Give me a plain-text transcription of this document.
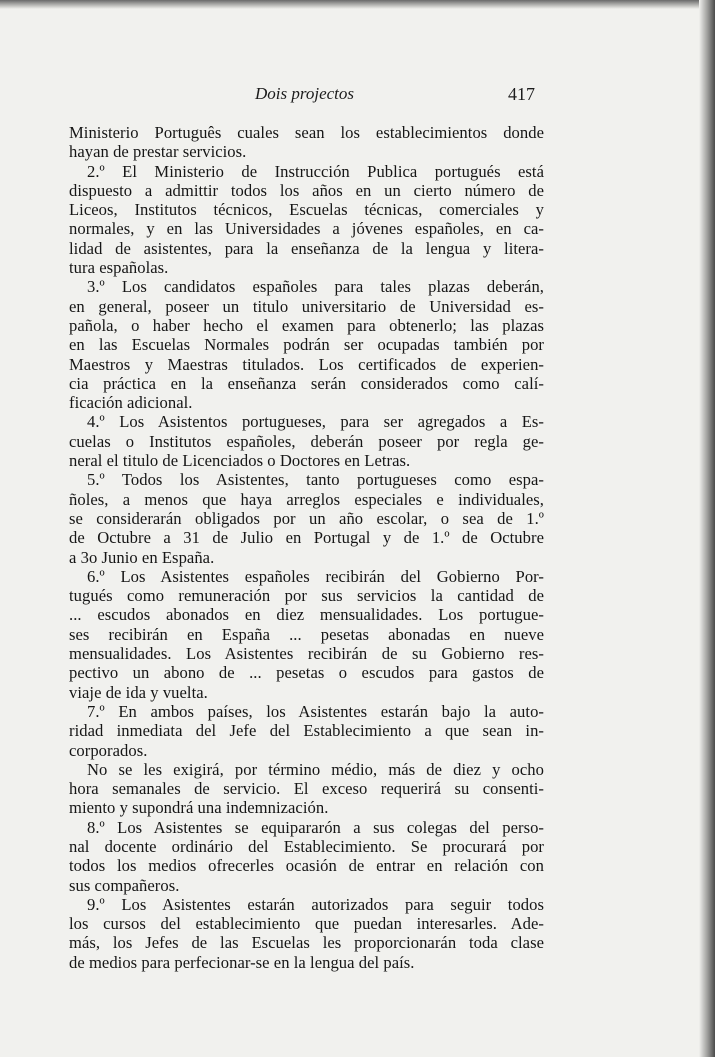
Dois projectos	417
Ministerio Português cuales sean los establecimientos donde
hayan de prestar servicios.
2.º El Ministerio de Instrucción Publica portugués está
dispuesto a admittir todos los años en un cierto número de
Liceos, Institutos técnicos, Escuelas técnicas, comerciales y
normales, y en las Universidades a jóvenes españoles, en ca-
lidad de asistentes, para la enseñanza de la lengua y litera-
tura españolas.
3.º Los candidatos españoles para tales plazas deberán,
en general, poseer un titulo universitario de Universidad es-
pañola, o haber hecho el examen para obtenerlo; las plazas
en las Escuelas Normales podrán ser ocupadas también por
Maestros y Maestras titulados. Los certificados de experien-
cia práctica en la enseñanza serán considerados como calí-
ficación adicional.
4.º Los Asistentos portugueses, para ser agregados a Es-
cuelas o Institutos españoles, deberán poseer por regla ge-
neral el titulo de Licenciados o Doctores en Letras.
5.º Todos los Asistentes, tanto portugueses como espa-
ñoles, a menos que haya arreglos especiales e individuales,
se considerarán obligados por un año escolar, o sea de 1.º
de Octubre a 31 de Julio en Portugal y de 1.º de Octubre
a 3o Junio en España.
6.º Los Asistentes españoles recibirán del Gobierno Por-
tugués como remuneración por sus servicios la cantidad de
... escudos abonados en diez mensualidades. Los portugue-
ses recibirán en España ... pesetas abonadas en nueve
mensualidades. Los Asistentes recibirán de su Gobierno res-
pectivo un abono de ... pesetas o escudos para gastos de
viaje de ida y vuelta.
7.º En ambos países, los Asistentes estarán bajo la auto-
ridad inmediata del Jefe del Establecimiento a que sean in-
corporados.
No se les exigirá, por término médio, más de diez y ocho
hora semanales de servicio. El exceso requerirá su consenti-
miento y supondrá una indemnización.
8.º Los Asistentes se equipararón a sus colegas del perso-
nal docente ordinário del Establecimiento. Se procurará por
todos los medios ofrecerles ocasión de entrar en relación con
sus compañeros.
9.º Los Asistentes estarán autorizados para seguir todos
los cursos del establecimiento que puedan interesarles. Ade-
más, los Jefes de las Escuelas les proporcionarán toda clase
de medios para perfecionar-se en la lengua del país.
